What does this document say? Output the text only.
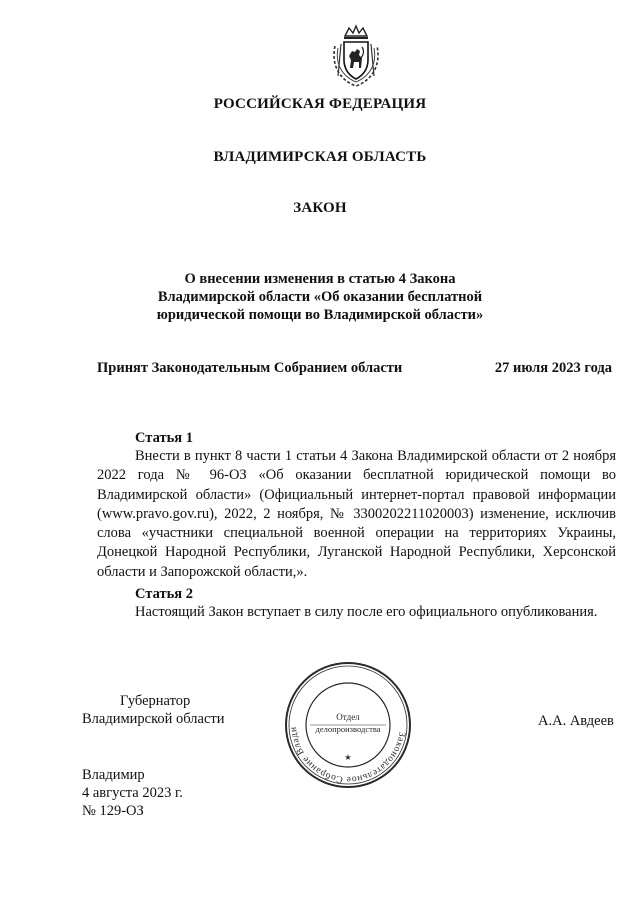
РОССИЙСКАЯ ФЕДЕРАЦИЯ
ВЛАДИМИРСКАЯ ОБЛАСТЬ
ЗАКОН
О внесении изменения в статью 4 Закона
Владимирской области «Об оказании бесплатной
юридической помощи во Владимирской области»
Принят Законодательным Собранием области	27 июля 2023 года
Статья 1
Внести в пункт 8 части 1 статьи 4 Закона Владимирской области от 2 ноября 2022 года № 96-ОЗ «Об оказании бесплатной юридической помощи во Владимирской области» (Официальный интернет-портал правовой информации (www.pravo.gov.ru), 2022, 2 ноября, № 3300202211020003) изменение, исключив слова «участники специальной военной операции на территориях Украины, Донецкой Народной Республики, Луганской Народной Республики, Херсонской области и Запорожской области,».
Статья 2
Настоящий Закон вступает в силу после его официального опубликования.
Губернатор
Владимирской области	А.А. Авдеев
Законодательное Собрание Влади
Отдел
делопроизводства
★
Владимир
4 августа 2023 г.
№ 129-ОЗ
